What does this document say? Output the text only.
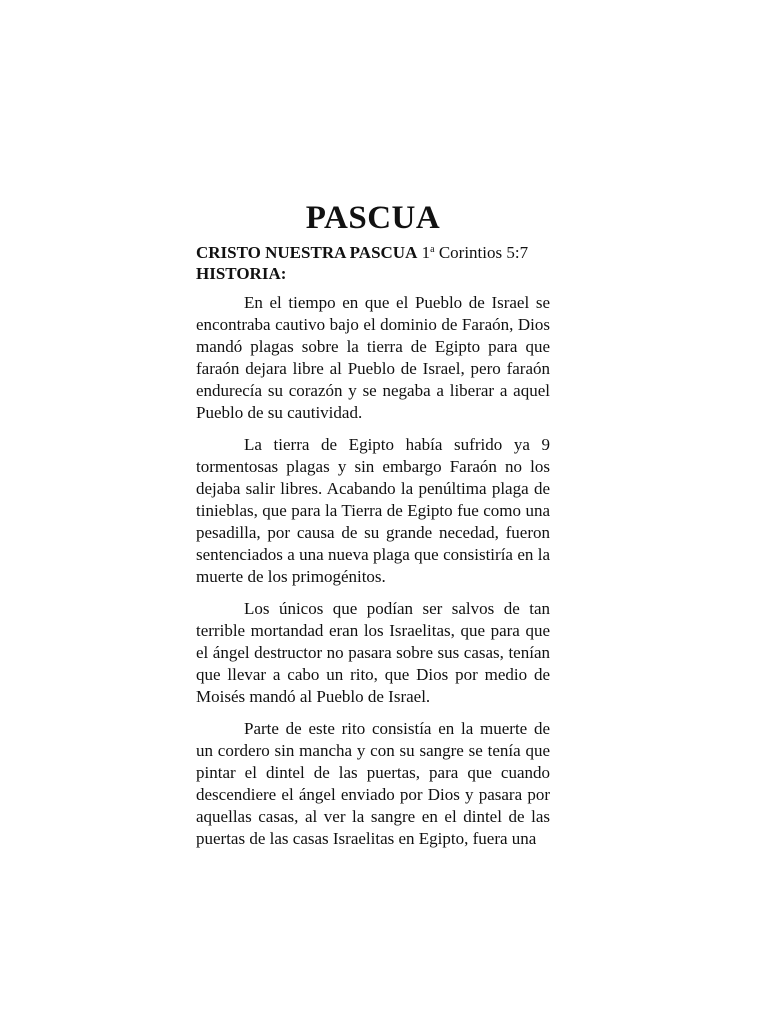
PASCUA

CRISTO NUESTRA PASCUA 1$^a$ Corintios 5:7

HISTORIA:

En el tiempo en que el Pueblo de Israel se encontraba cautivo bajo el dominio de Faraón, Dios mandó plagas sobre la tierra de Egipto para que faraón dejara libre al Pueblo de Israel, pero faraón endurecía su corazón y se negaba a liberar a aquel Pueblo de su cautividad.

La tierra de Egipto había sufrido ya 9 tormentosas plagas y sin embargo Faraón no los dejaba salir libres. Acabando la penúltima plaga de tinieblas, que para la Tierra de Egipto fue como una pesadilla, por causa de su grande necedad, fueron sentenciados a una nueva plaga que consistiría en la muerte de los primogénitos.

Los únicos que podían ser salvos de tan terrible mortandad eran los Israelitas, que para que el ángel destructor no pasara sobre sus casas, tenían que llevar a cabo un rito, que Dios por medio de Moisés mandó al Pueblo de Israel.

Parte de este rito consistía en la muerte de un cordero sin mancha y con su sangre se tenía que pintar el dintel de las puertas, para que cuando descendiere el ángel enviado por Dios y pasara por aquellas casas, al ver la sangre en el dintel de las puertas de las casas Israelitas en Egipto, fuera una
